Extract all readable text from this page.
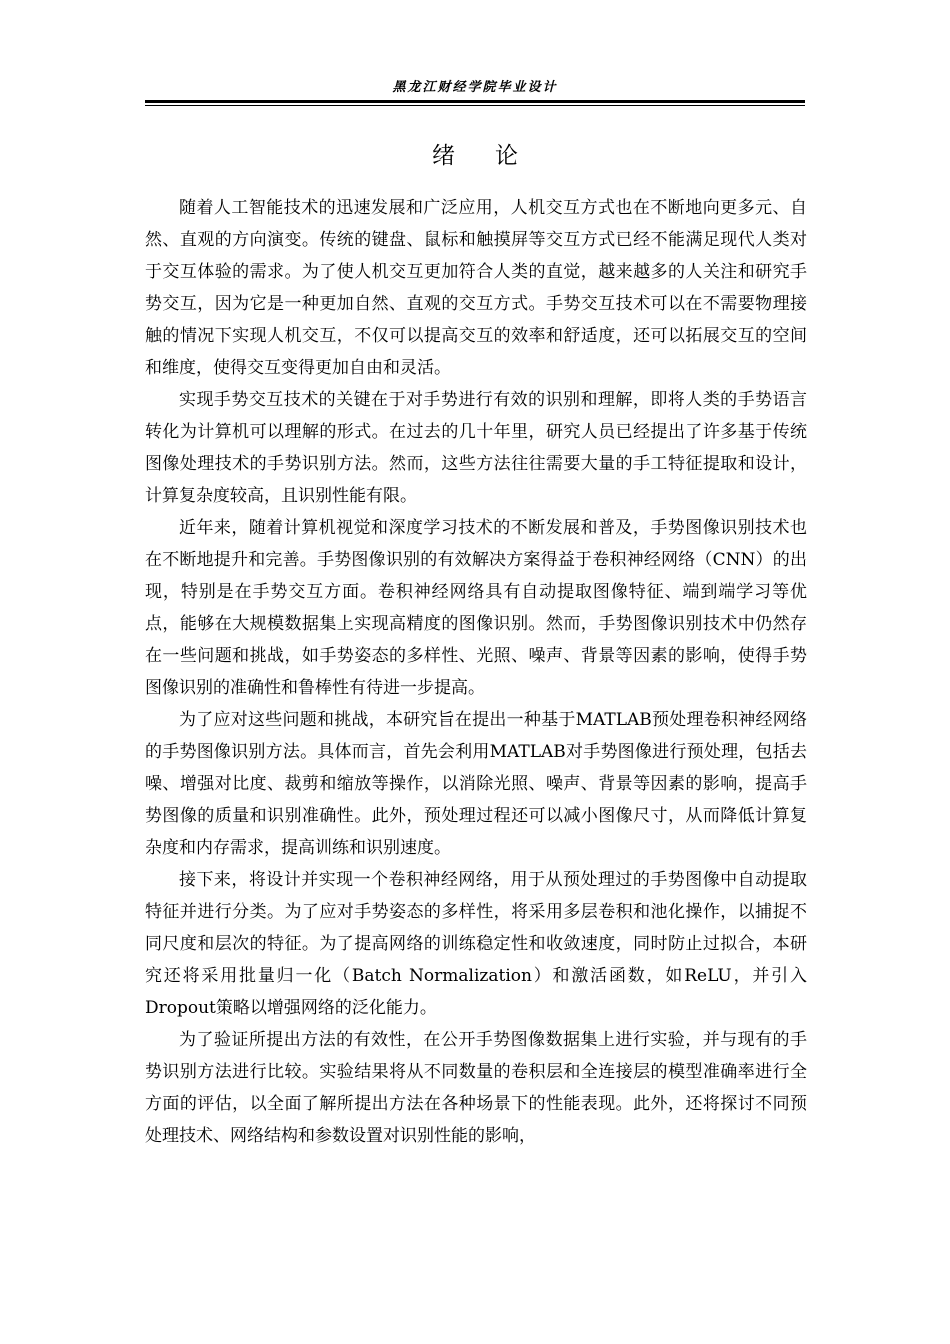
黑龙江财经学院毕业设计
绪 论

随着人工智能技术的迅速发展和广泛应用，人机交互方式也在不断地向更多元、自然、直观的方向演变。传统的键盘、鼠标和触摸屏等交互方式已经不能满足现代人类对于交互体验的需求。为了使人机交互更加符合人类的直觉，越来越多的人关注和研究手势交互，因为它是一种更加自然、直观的交互方式。手势交互技术可以在不需要物理接触的情况下实现人机交互，不仅可以提高交互的效率和舒适度，还可以拓展交互的空间和维度，使得交互变得更加自由和灵活。

实现手势交互技术的关键在于对手势进行有效的识别和理解，即将人类的手势语言转化为计算机可以理解的形式。在过去的几十年里，研究人员已经提出了许多基于传统图像处理技术的手势识别方法。然而，这些方法往往需要大量的手工特征提取和设计，计算复杂度较高，且识别性能有限。

近年来，随着计算机视觉和深度学习技术的不断发展和普及，手势图像识别技术也在不断地提升和完善。手势图像识别的有效解决方案得益于卷积神经网络（CNN）的出现，特别是在手势交互方面。卷积神经网络具有自动提取图像特征、端到端学习等优点，能够在大规模数据集上实现高精度的图像识别。然而，手势图像识别技术中仍然存在一些问题和挑战，如手势姿态的多样性、光照、噪声、背景等因素的影响，使得手势图像识别的准确性和鲁棒性有待进一步提高。

为了应对这些问题和挑战，本研究旨在提出一种基于MATLAB预处理卷积神经网络的手势图像识别方法。具体而言，首先会利用MATLAB对手势图像进行预处理，包括去噪、增强对比度、裁剪和缩放等操作，以消除光照、噪声、背景等因素的影响，提高手势图像的质量和识别准确性。此外，预处理过程还可以减小图像尺寸，从而降低计算复杂度和内存需求，提高训练和识别速度。

接下来，将设计并实现一个卷积神经网络，用于从预处理过的手势图像中自动提取特征并进行分类。为了应对手势姿态的多样性，将采用多层卷积和池化操作，以捕捉不同尺度和层次的特征。为了提高网络的训练稳定性和收敛速度，同时防止过拟合，本研究还将采用批量归一化（Batch Normalization）和激活函数，如ReLU，并引入Dropout策略以增强网络的泛化能力。

为了验证所提出方法的有效性，在公开手势图像数据集上进行实验，并与现有的手势识别方法进行比较。实验结果将从不同数量的卷积层和全连接层的模型准确率进行全方面的评估，以全面了解所提出方法在各种场景下的性能表现。此外，还将探讨不同预处理技术、网络结构和参数设置对识别性能的影响，
